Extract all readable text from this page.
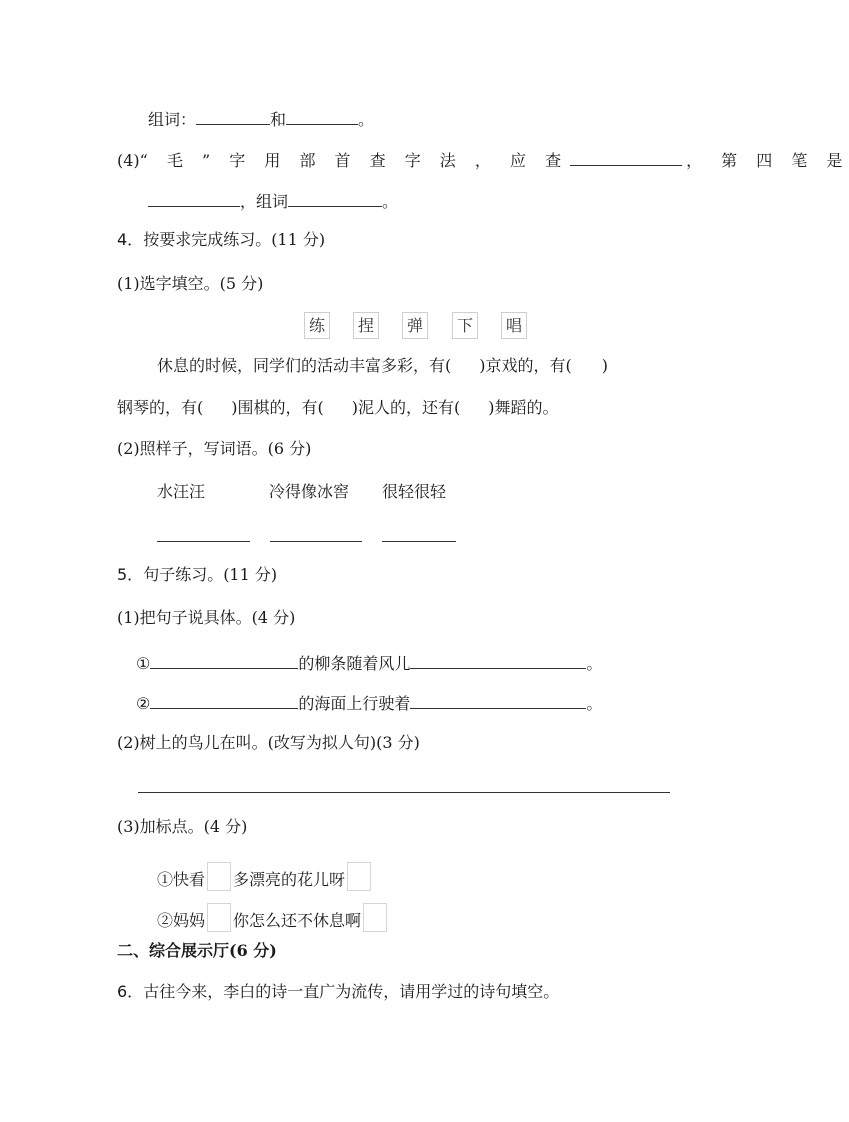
组词：	和	。
(4)“ 毛 ” 字 用 部 首 查 字 法 ， 应 查	， 第 四 笔 是
，组词	。
4．按要求完成练习。(11 分)
(1)选字填空。(5 分)
练	捏	弹	下	唱
休息的时候，同学们的活动丰富多彩，有( )京戏的，有( )
钢琴的，有( )围棋的，有( )泥人的，还有( )舞蹈的。
(2)照样子，写词语。(6 分)
水汪汪	冷得像冰窖 很轻很轻
5．句子练习。(11 分)
(1)把句子说具体。(4 分)
①	的柳条随着风儿	。
②	的海面上行驶着	。
(2)树上的鸟儿在叫。(改写为拟人句)(3 分)
(3)加标点。(4 分)
①快看 多漂亮的花儿呀
②妈妈 你怎么还不休息啊
二、综合展示厅(6 分)
6．古往今来，李白的诗一直广为流传，请用学过的诗句填空。
